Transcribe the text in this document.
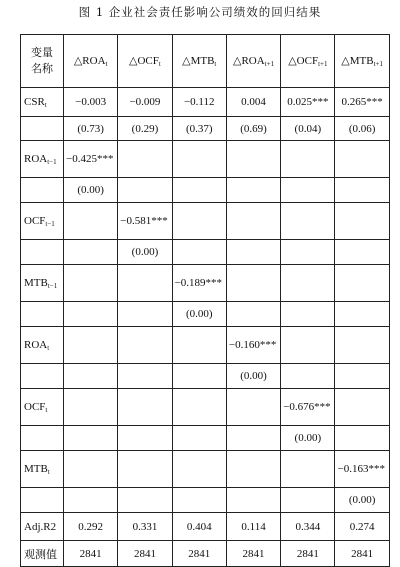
图 1 企业社会责任影响公司绩效的回归结果
变量
名称	$\triangle ROA_t$	$\triangle OCF_t$	$\triangle MTB_t$	$\triangle ROA_{t+1}$	$\triangle OCF_{t+1}$	$\triangle MTB_{t+1}$
$CSR_t$	−0.003	−0.009	−0.112	0.004	0.025***	0.265***
	(0.73)	(0.29)	(0.37)	(0.69)	(0.04)	(0.06)
$ROA_{t-1}$	−0.425***					
	(0.00)					
$OCF_{t-1}$		−0.581***				
		(0.00)				
$MTB_{t-1}$			−0.189***			
			(0.00)			
$ROA_t$				−0.160***		
				(0.00)		
$OCF_t$					−0.676***	
					(0.00)	
$MTB_t$						−0.163***
						(0.00)
Adj.R2	0.292	0.331	0.404	0.114	0.344	0.274
观测值	2841	2841	2841	2841	2841	2841
